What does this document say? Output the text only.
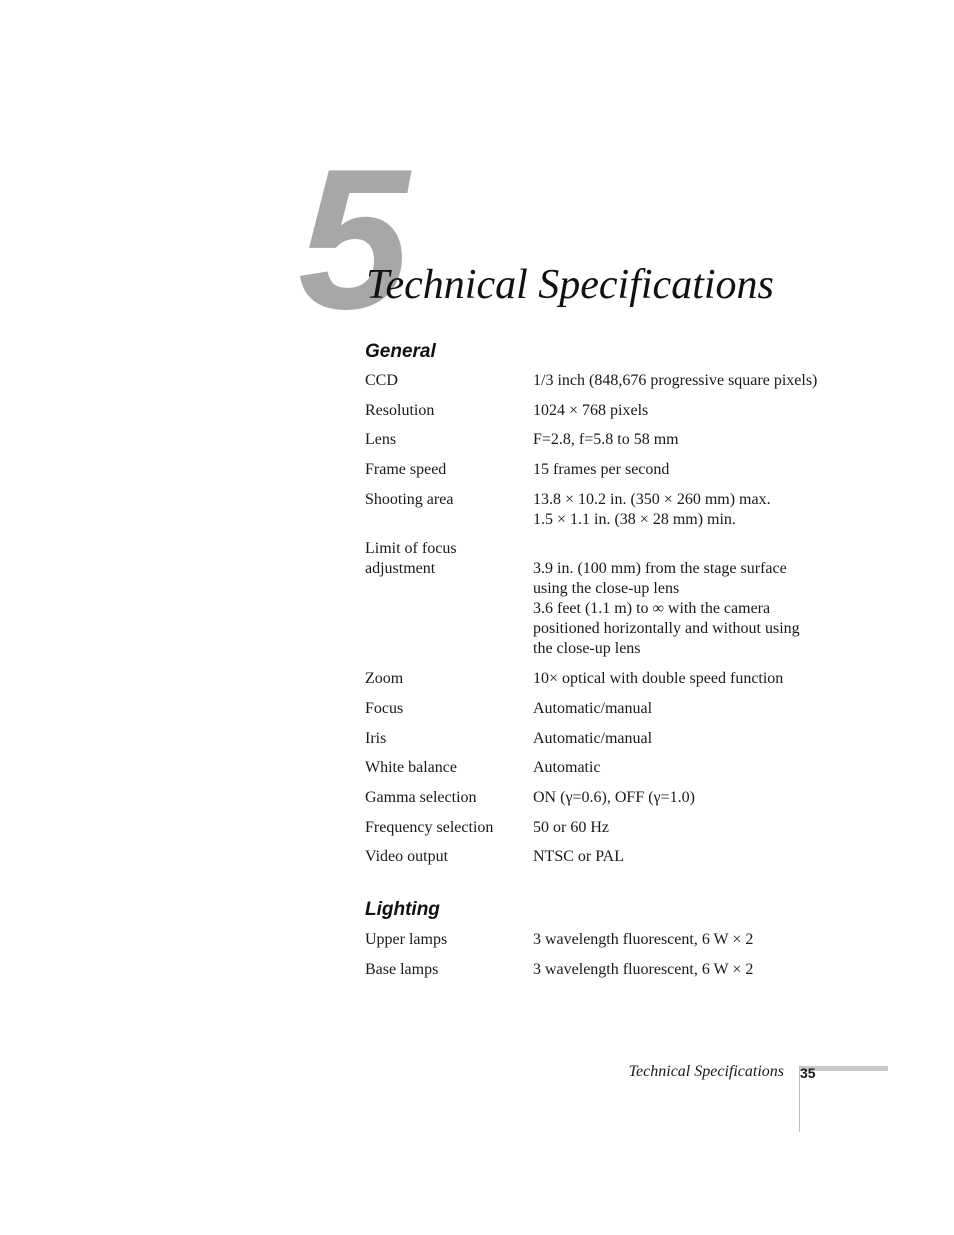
5
Technical Specifications
General
CCD	1/3 inch (848,676 progressive square pixels)
Resolution	1024 × 768 pixels
Lens	F=2.8, f=5.8 to 58 mm
Frame speed	15 frames per second
Shooting area	13.8 × 10.2 in. (350 × 260 mm) max.
1.5 × 1.1 in. (38 × 28 mm) min.
Limit of focus
adjustment	3.9 in. (100 mm) from the stage surface
using the close-up lens
3.6 feet (1.1 m) to ∞ with the camera
positioned horizontally and without using
the close-up lens
Zoom	10× optical with double speed function
Focus	Automatic/manual
Iris	Automatic/manual
White balance	Automatic
Gamma selection	ON (γ=0.6), OFF (γ=1.0)
Frequency selection	50 or 60 Hz
Video output	NTSC or PAL
Lighting
Upper lamps	3 wavelength fluorescent, 6 W × 2
Base lamps	3 wavelength fluorescent, 6 W × 2
Technical Specifications 35
